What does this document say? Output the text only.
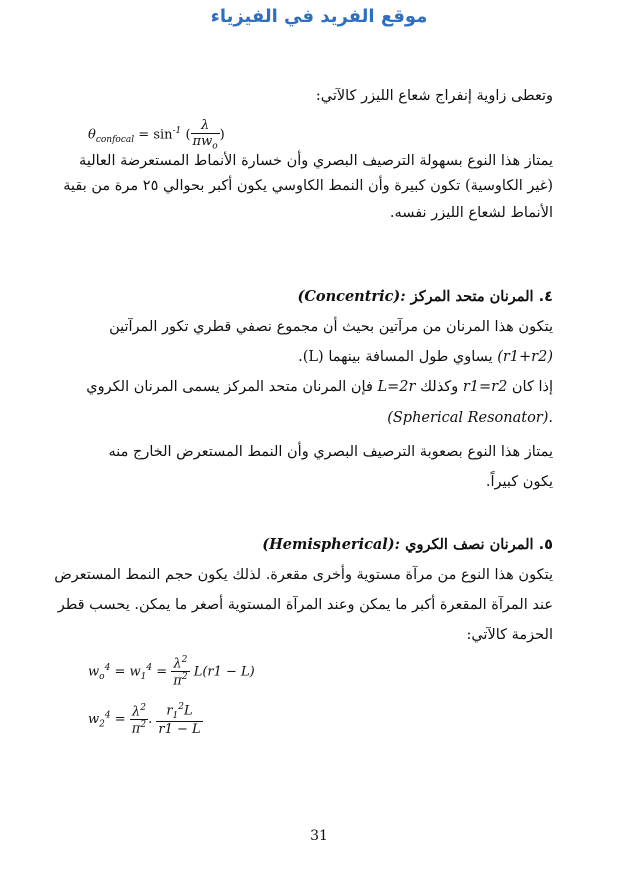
موقع الفريد في الفيزياء
وتعطى زاوية إنفراج شعاع الليزر كالآتي:
$\theta_{confocal} = \sin^{-1}$ ( $\frac{\lambda}{\pi w_o}$ )
يمتاز هذا النوع بسهولة الترصيف البصري وأن خسارة الأنماط المستعرضة العالية
(غير الكاوسية) تكون كبيرة وأن النمط الكاوسي يكون أكبر بحوالي ٢٥ مرة من بقية
الأنماط لشعاع الليزر نفسه.
٤. المرنان متحد المركز (Concentric):
يتكون هذا المرنان من مرآتين بحيث أن مجموع نصفي قطري تكور المرآتين
(r1+r2) يساوي طول المسافة بينهما (L).
إذا كان r1=r2 وكذلك L=2r فإن المرنان متحد المركز يسمى المرنان الكروي
(Spherical Resonator).
يمتاز هذا النوع بصعوبة الترصيف البصري وأن النمط المستعرض الخارج منه
يكون كبيراً.
٥. المرنان نصف الكروي (Hemispherical):
يتكون هذا النوع من مرآة مستوية وأخرى مقعرة. لذلك يكون حجم النمط المستعرض
عند المرآة المقعرة أكبر ما يمكن وعند المرآة المستوية أصغر ما يمكن. يحسب قطر
الحزمة كالآتي:
$w_o^4 = w_1^4 = \frac{\lambda^2}{\pi^2} L(r1 - L)$
$w_2^4 = \frac{\lambda^2}{\pi^2}$ . $\frac{r_1^2L}{r1 - L}$
31
